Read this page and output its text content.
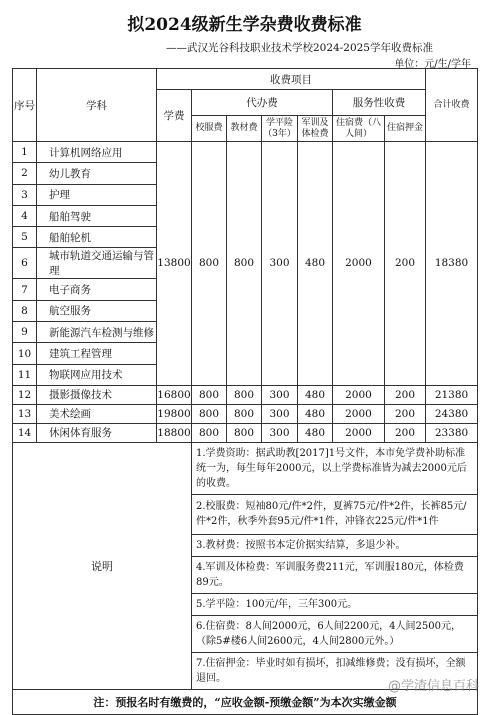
拟2024级新生学杂费收费标准
——武汉光谷科技职业技术学校2024-2025学年收费标准
单位：元/生/学年
序号	学科	收费项目							合计收费
		学费	代办费				服务性收费		
			校服费	教材费	学平险（3年）	军训及体检费	住宿费（八人间）	住宿押金	
1	计算机网络应用	13800	800	800	300	480	2000	200	18380
2	幼儿教育								
3	护理								
4	船舶驾驶								
5	船舶轮机								
6	城市轨道交通运输与管理								
7	电子商务								
8	航空服务								
9	新能源汽车检测与维修								
10	建筑工程管理								
11	物联网应用技术								
12	摄影摄像技术	16800	800	800	300	480	2000	200	21380
13	美术绘画	19800	800	800	300	480	2000	200	24380
14	休闲体育服务	18800	800	800	300	480	2000	200	23380
说明			1.学费资助：据武助教[2017]1号文件，本市免学费补助标准统一为，每生每年2000元，以上学费标准皆为减去2000元后的收费。						
			2.校服费：短袖80元/件*2件，夏裤75元/件*2件，长裤85元/件*2件，秋季外套95元/件*1件，冲锋衣225元/件*1件						
			3.教材费：按照书本定价据实结算，多退少补。						
			4.军训及体检费：军训服务费211元，军训服180元，体检费89元。						
			5.学平险：100元/年，三年300元。						
			6.住宿费：8人间2000元，6人间2200元，4人间2500元，（除5#楼6人间2600元，4人间2800元外。）						
			7.住宿押金：毕业时如有损坏，扣减维修费；没有损坏，全额退回。						
注：预报名时有缴费的，“应收金额-预缴金额”为本次实缴金额									
@学渣信息百科
